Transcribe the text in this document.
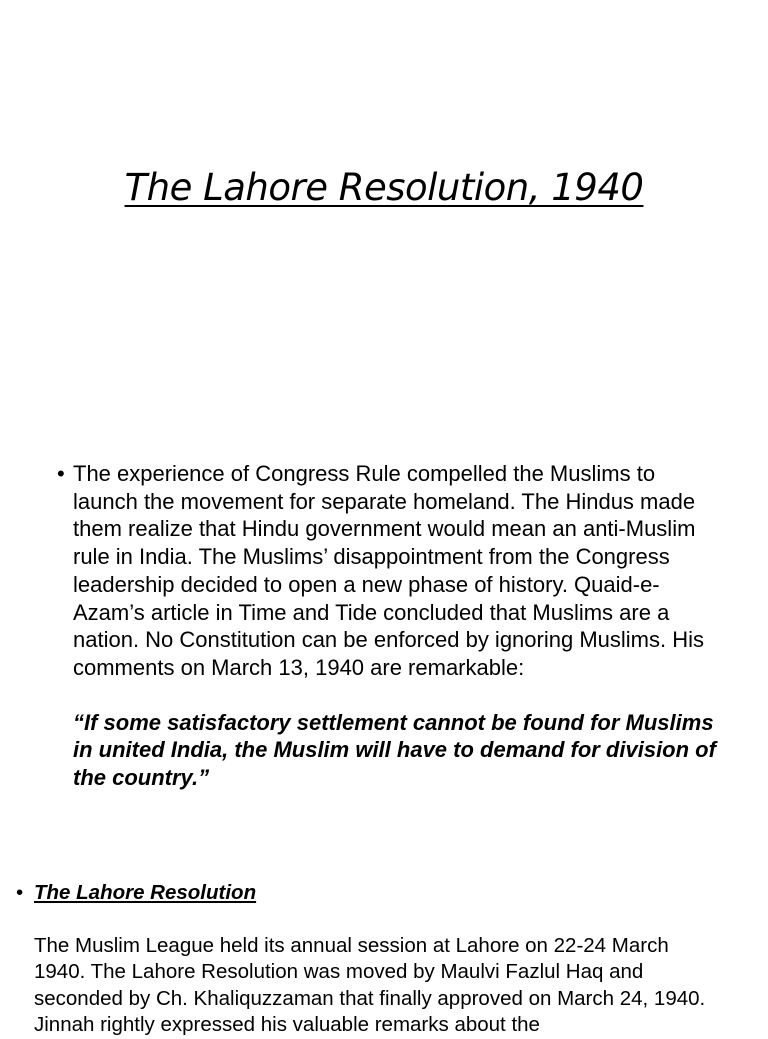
The Lahore Resolution, 1940
• The experience of Congress Rule compelled the Muslims to launch the movement for separate homeland. The Hindus made them realize that Hindu government would mean an anti-Muslim rule in India. The Muslims’ disappointment from the Congress leadership decided to open a new phase of history. Quaid-e-Azam’s article in Time and Tide concluded that Muslims are a nation. No Constitution can be enforced by ignoring Muslims. His comments on March 13, 1940 are remarkable:
“If some satisfactory settlement cannot be found for Muslims in united India, the Muslim will have to demand for division of the country.”
• The Lahore Resolution
The Muslim League held its annual session at Lahore on 22-24 March 1940. The Lahore Resolution was moved by Maulvi Fazlul Haq and seconded by Ch. Khaliquzzaman that finally approved on March 24, 1940. Jinnah rightly expressed his valuable remarks about the
